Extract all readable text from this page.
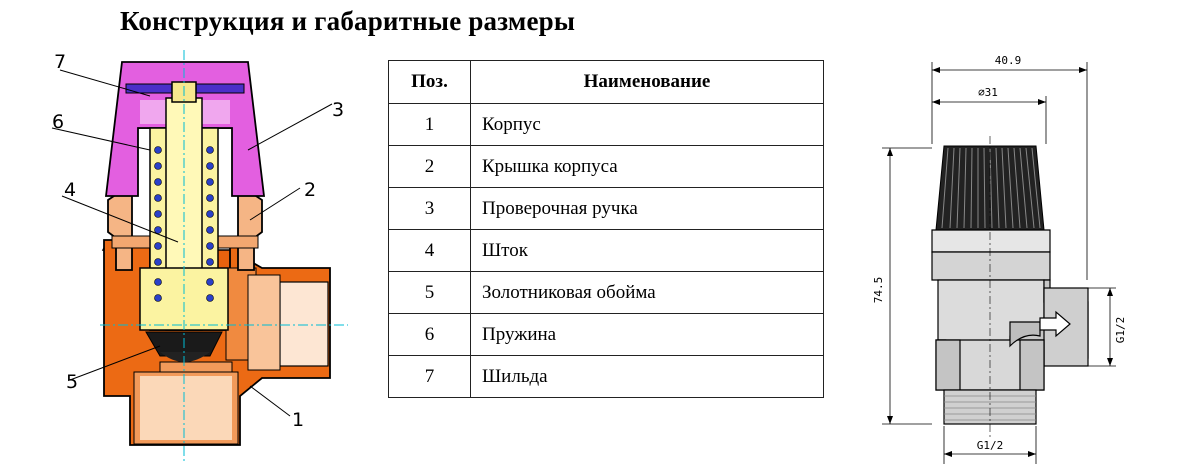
Конструкция и габаритные размеры
7
6
4
5
3
2
1
Поз.	Наименование
1	Корпус
2	Крышка корпуса
3	Проверочная ручка
4	Шток
5	Золотниковая обойма
6	Пружина
7	Шильда
40.9
∅31
74.5
G1/2
G1/2
